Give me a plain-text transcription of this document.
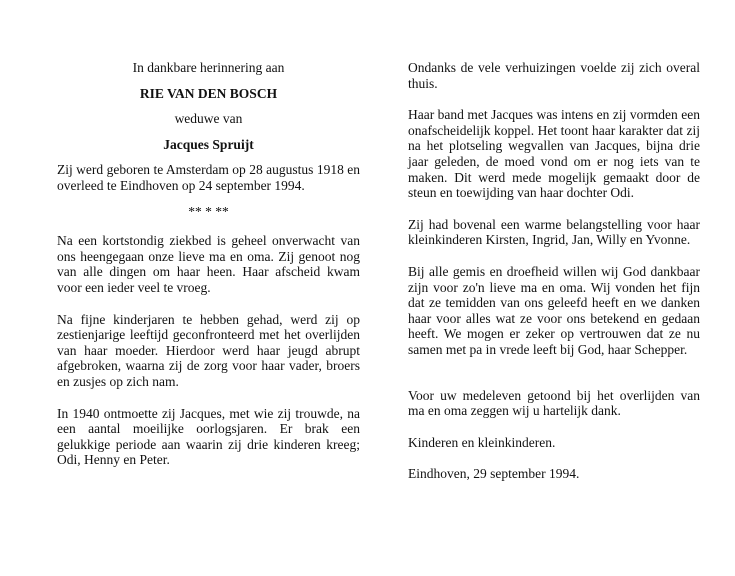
In dankbare herinnering aan

RIE VAN DEN BOSCH

weduwe van

Jacques Spruijt

Zij werd geboren te Amsterdam op 28 augustus 1918 en overleed te Eindhoven op 24 september 1994.

** * **

Na een kortstondig ziekbed is geheel onverwacht van ons heengegaan onze lieve ma en oma. Zij genoot nog van alle dingen om haar heen. Haar afscheid kwam voor een ieder veel te vroeg.

Na fijne kinderjaren te hebben gehad, werd zij op zestienjarige leeftijd geconfronteerd met het overlijden van haar moeder. Hierdoor werd haar jeugd abrupt afgebroken, waarna zij de zorg voor haar vader, broers en zusjes op zich nam.

In 1940 ontmoette zij Jacques, met wie zij trouwde, na een aantal moeilijke oorlogsjaren. Er brak een gelukkige periode aan waarin zij drie kinderen kreeg; Odi, Henny en Peter.

Ondanks de vele verhuizingen voelde zij zich overal thuis.

Haar band met Jacques was intens en zij vormden een onafscheidelijk koppel. Het toont haar karakter dat zij na het plotseling wegvallen van Jacques, bijna drie jaar geleden, de moed vond om er nog iets van te maken. Dit werd mede mogelijk gemaakt door de steun en toewijding van haar dochter Odi.

Zij had bovenal een warme belangstelling voor haar kleinkinderen Kirsten, Ingrid, Jan, Willy en Yvonne.

Bij alle gemis en droefheid willen wij God dankbaar zijn voor zo'n lieve ma en oma. Wij vonden het fijn dat ze temidden van ons geleefd heeft en we danken haar voor alles wat ze voor ons betekend en gedaan heeft. We mogen er zeker op vertrouwen dat ze nu samen met pa in vrede leeft bij God, haar Schepper.

Voor uw medeleven getoond bij het overlijden van ma en oma zeggen wij u hartelijk dank.

Kinderen en kleinkinderen.

Eindhoven, 29 september 1994.
